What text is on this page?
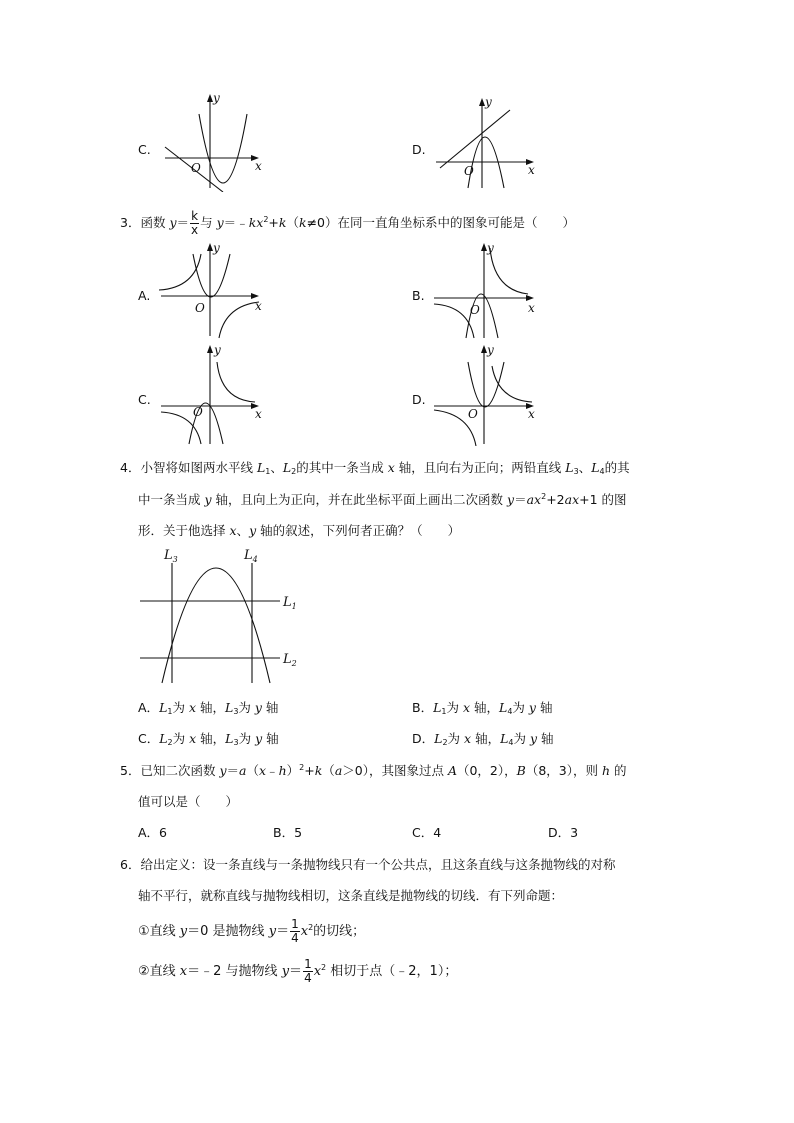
C.
y
x
O
D.
y
x
O
3．函数 $y= \frac{k}{x}$ 与 $y=﹣kx^2+k(k\ne 0)$在同一直角坐标系中的图象可能是（　　）
A.
y
x
O
B.
y
x
O
C.
y
x
O
D.
y
x
O
4．小智将如图两水平线 $L_1$、$L_2$的其中一条当成 x 轴，且向右为正向；两铅直线 $L_3$、$L_4$的其
中一条当成 y 轴，且向上为正向，并在此坐标平面上画出二次函数 $y=ax^2+2ax+1$ 的图
形．关于他选择 x、y 轴的叙述，下列何者正确？（　　）
$L_3$	$L_4$
$L_1$
$L_2$
A．$L_1$为 x 轴，$L_3$为 y 轴	B．$L_1$为 x 轴，$L_4$为 y 轴
C．$L_2$为 x 轴，$L_3$为 y 轴	D．$L_2$为 x 轴，$L_4$为 y 轴
5．已知二次函数 y＝a（x﹣h）$^2$+k（a＞0），其图象过点 A（0，2），B（8，3），则 h 的
值可以是（　　）
A．6	B．5	C．4	D．3
6．给出定义：设一条直线与一条抛物线只有一个公共点，且这条直线与这条抛物线的对称
轴不平行，就称直线与抛物线相切，这条直线是抛物线的切线．有下列命题：
①直线 y＝0 是抛物线 $y= \frac{1}{4} x^2$的切线；
②直线 x＝﹣2 与抛物线 $y= \frac{1}{4} x^2$ 相切于点（﹣2，1）；
